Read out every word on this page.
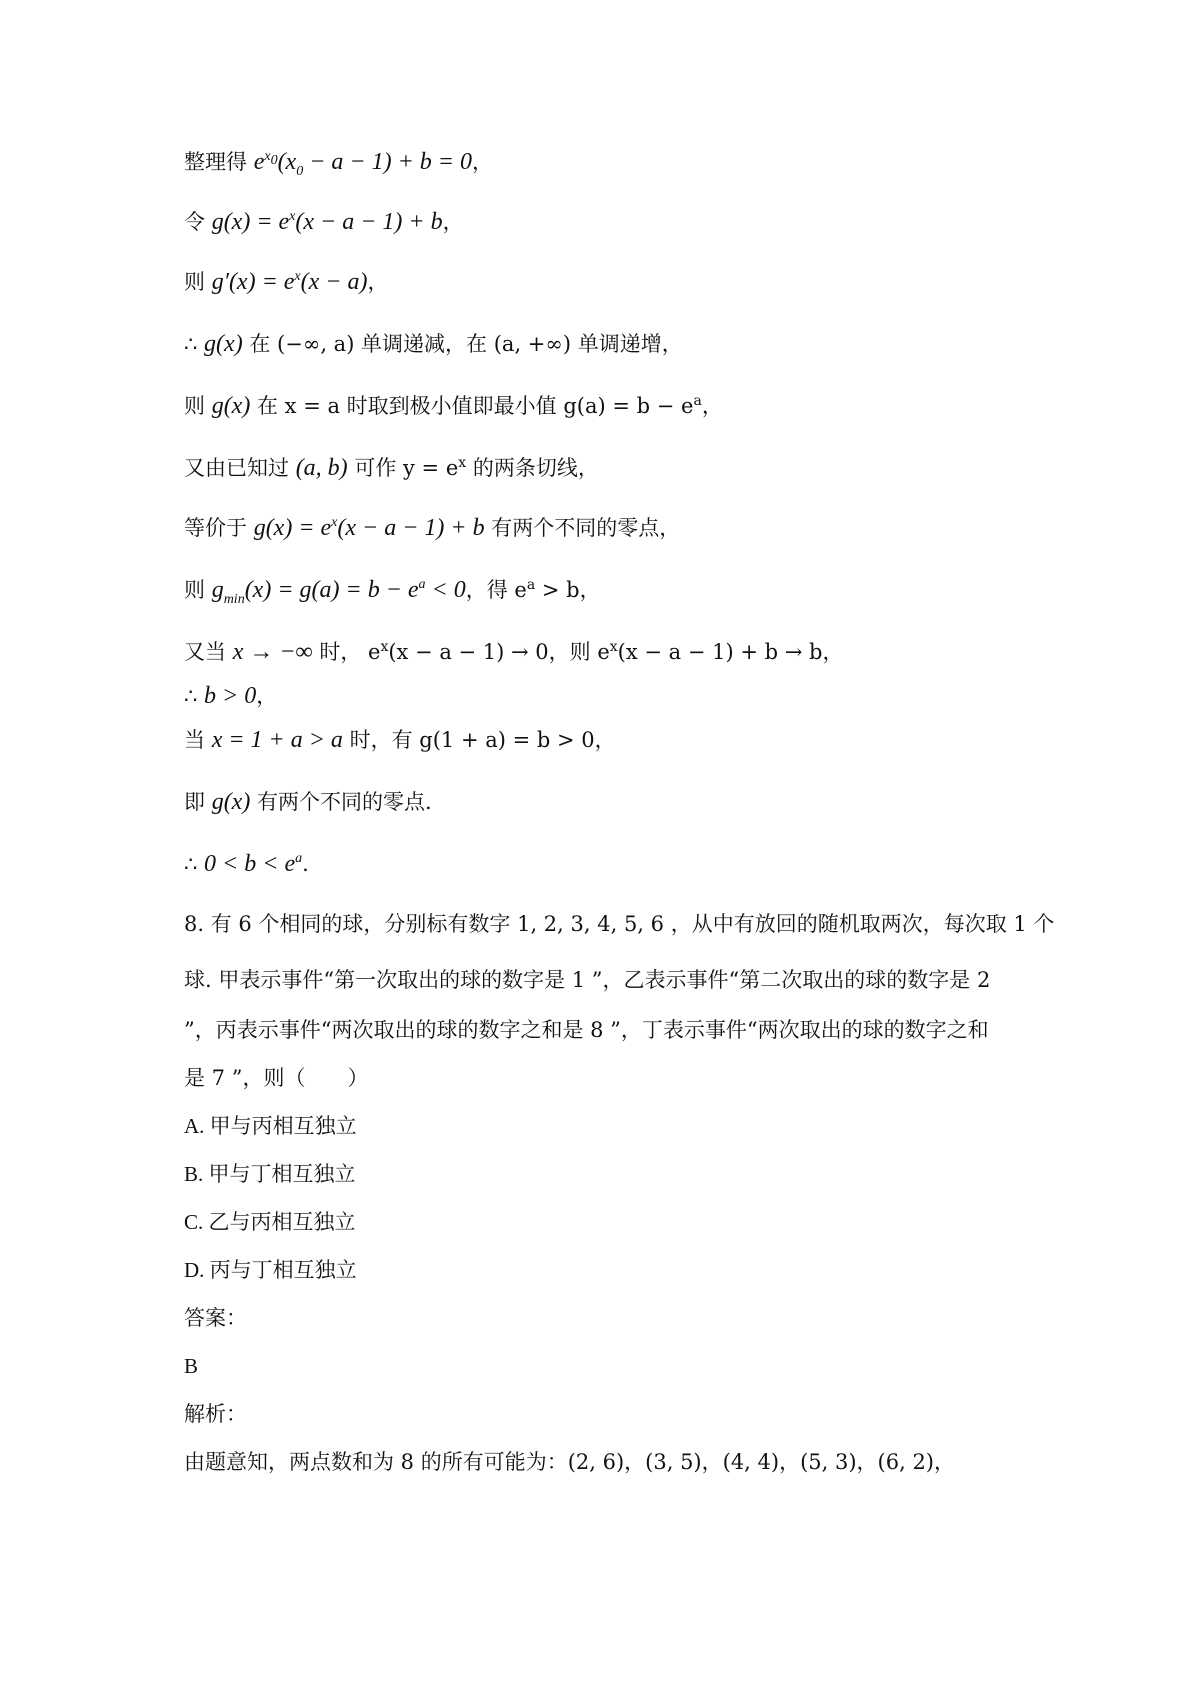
整理得 $e^{x_0}(x_0 - a - 1) + b = 0$，
令 $g(x) = e^x(x - a - 1) + b$，
则 $g'(x) = e^x(x - a)$，
∴ g(x) 在 (−∞, a) 单调递减，在 (a, +∞) 单调递增，
则 g(x) 在 x = a 时取到极小值即最小值 $g(a) = b - e^a$，
又由已知过 (a, b) 可作 $y = e^x$ 的两条切线，
等价于 $g(x) = e^x(x - a - 1) + b$ 有两个不同的零点，
则 $g_{min}(x) = g(a) = b - e^a < 0$，得 $e^a > b$，
又当 x → −∞ 时， $e^x(x - a - 1) \to 0$，则 $e^x(x - a - 1) + b \to b$，
∴ b > 0，
当 x = 1 + a > a 时，有 g(1 + a) = b > 0，
即 g(x) 有两个不同的零点.
∴ $0 < b < e^a$.
8. 有 6 个相同的球，分别标有数字 1, 2, 3, 4, 5, 6 ，从中有放回的随机取两次，每次取 1 个
球. 甲表示事件“第一次取出的球的数字是 1 ”，乙表示事件“第二次取出的球的数字是 2
”，丙表示事件“两次取出的球的数字之和是 8 ”，丁表示事件“两次取出的球的数字之和
是 7 ”，则（　　）
A. 甲与丙相互独立
B. 甲与丁相互独立
C. 乙与丙相互独立
D. 丙与丁相互独立
答案：
B
解析：
由题意知，两点数和为 8 的所有可能为：(2, 6)，(3, 5)，(4, 4)，(5, 3)，(6, 2)，
